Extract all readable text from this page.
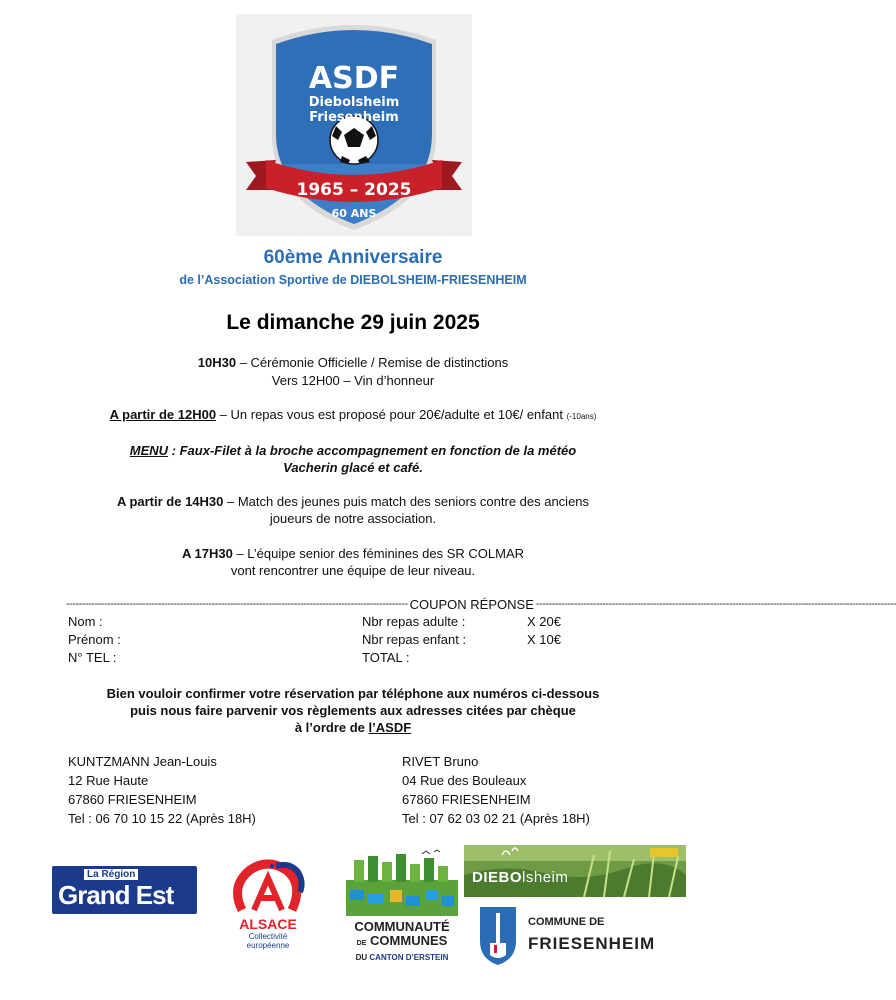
ASDF
Diebolsheim
Friesenheim
1965 – 2025
60 ANS
60ème Anniversaire
de l’Association Sportive de DIEBOLSHEIM-FRIESENHEIM
Le dimanche 29 juin 2025
10H30 – Cérémonie Officielle / Remise de distinctions
Vers 12H00 – Vin d’honneur
A partir de 12H00 – Un repas vous est proposé pour 20€/adulte et 10€/ enfant (-10ans)
MENU : Faux-Filet à la broche accompagnement en fonction de la météo
Vacherin glacé et café.
A partir de 14H30 – Match des jeunes puis match des seniors contre des anciens
joueurs de notre association.
A 17H30 – L’équipe senior des féminines des SR COLMAR
vont rencontrer une équipe de leur niveau.
------------------------------------------------------------------------------------------------------------ COUPON RÉPONSE ------------------------------------------------------------------------------------------------------------------
Nom :
Prénom :
N° TEL :
Nbr repas adulte :	X 20€
Nbr repas enfant :	X 10€
TOTAL :
Bien vouloir confirmer votre réservation par téléphone aux numéros ci-dessous
puis nous faire parvenir vos règlements aux adresses citées par chèque
à l’ordre de l’ASDF
KUNTZMANN Jean-Louis
12 Rue Haute
67860 FRIESENHEIM
Tel : 06 70 10 15 22 (Après 18H)
RIVET Bruno
04 Rue des Bouleaux
67860 FRIESENHEIM
Tel : 07 62 03 02 21 (Après 18H)
La Région
Grand Est
ALSACE
Collectivité
européenne
COMMUNAUTÉ
DE COMMUNES
DU CANTON D’ERSTEIN
DIEBOlsheim
COMMUNE DE
FRIESENHEIM
